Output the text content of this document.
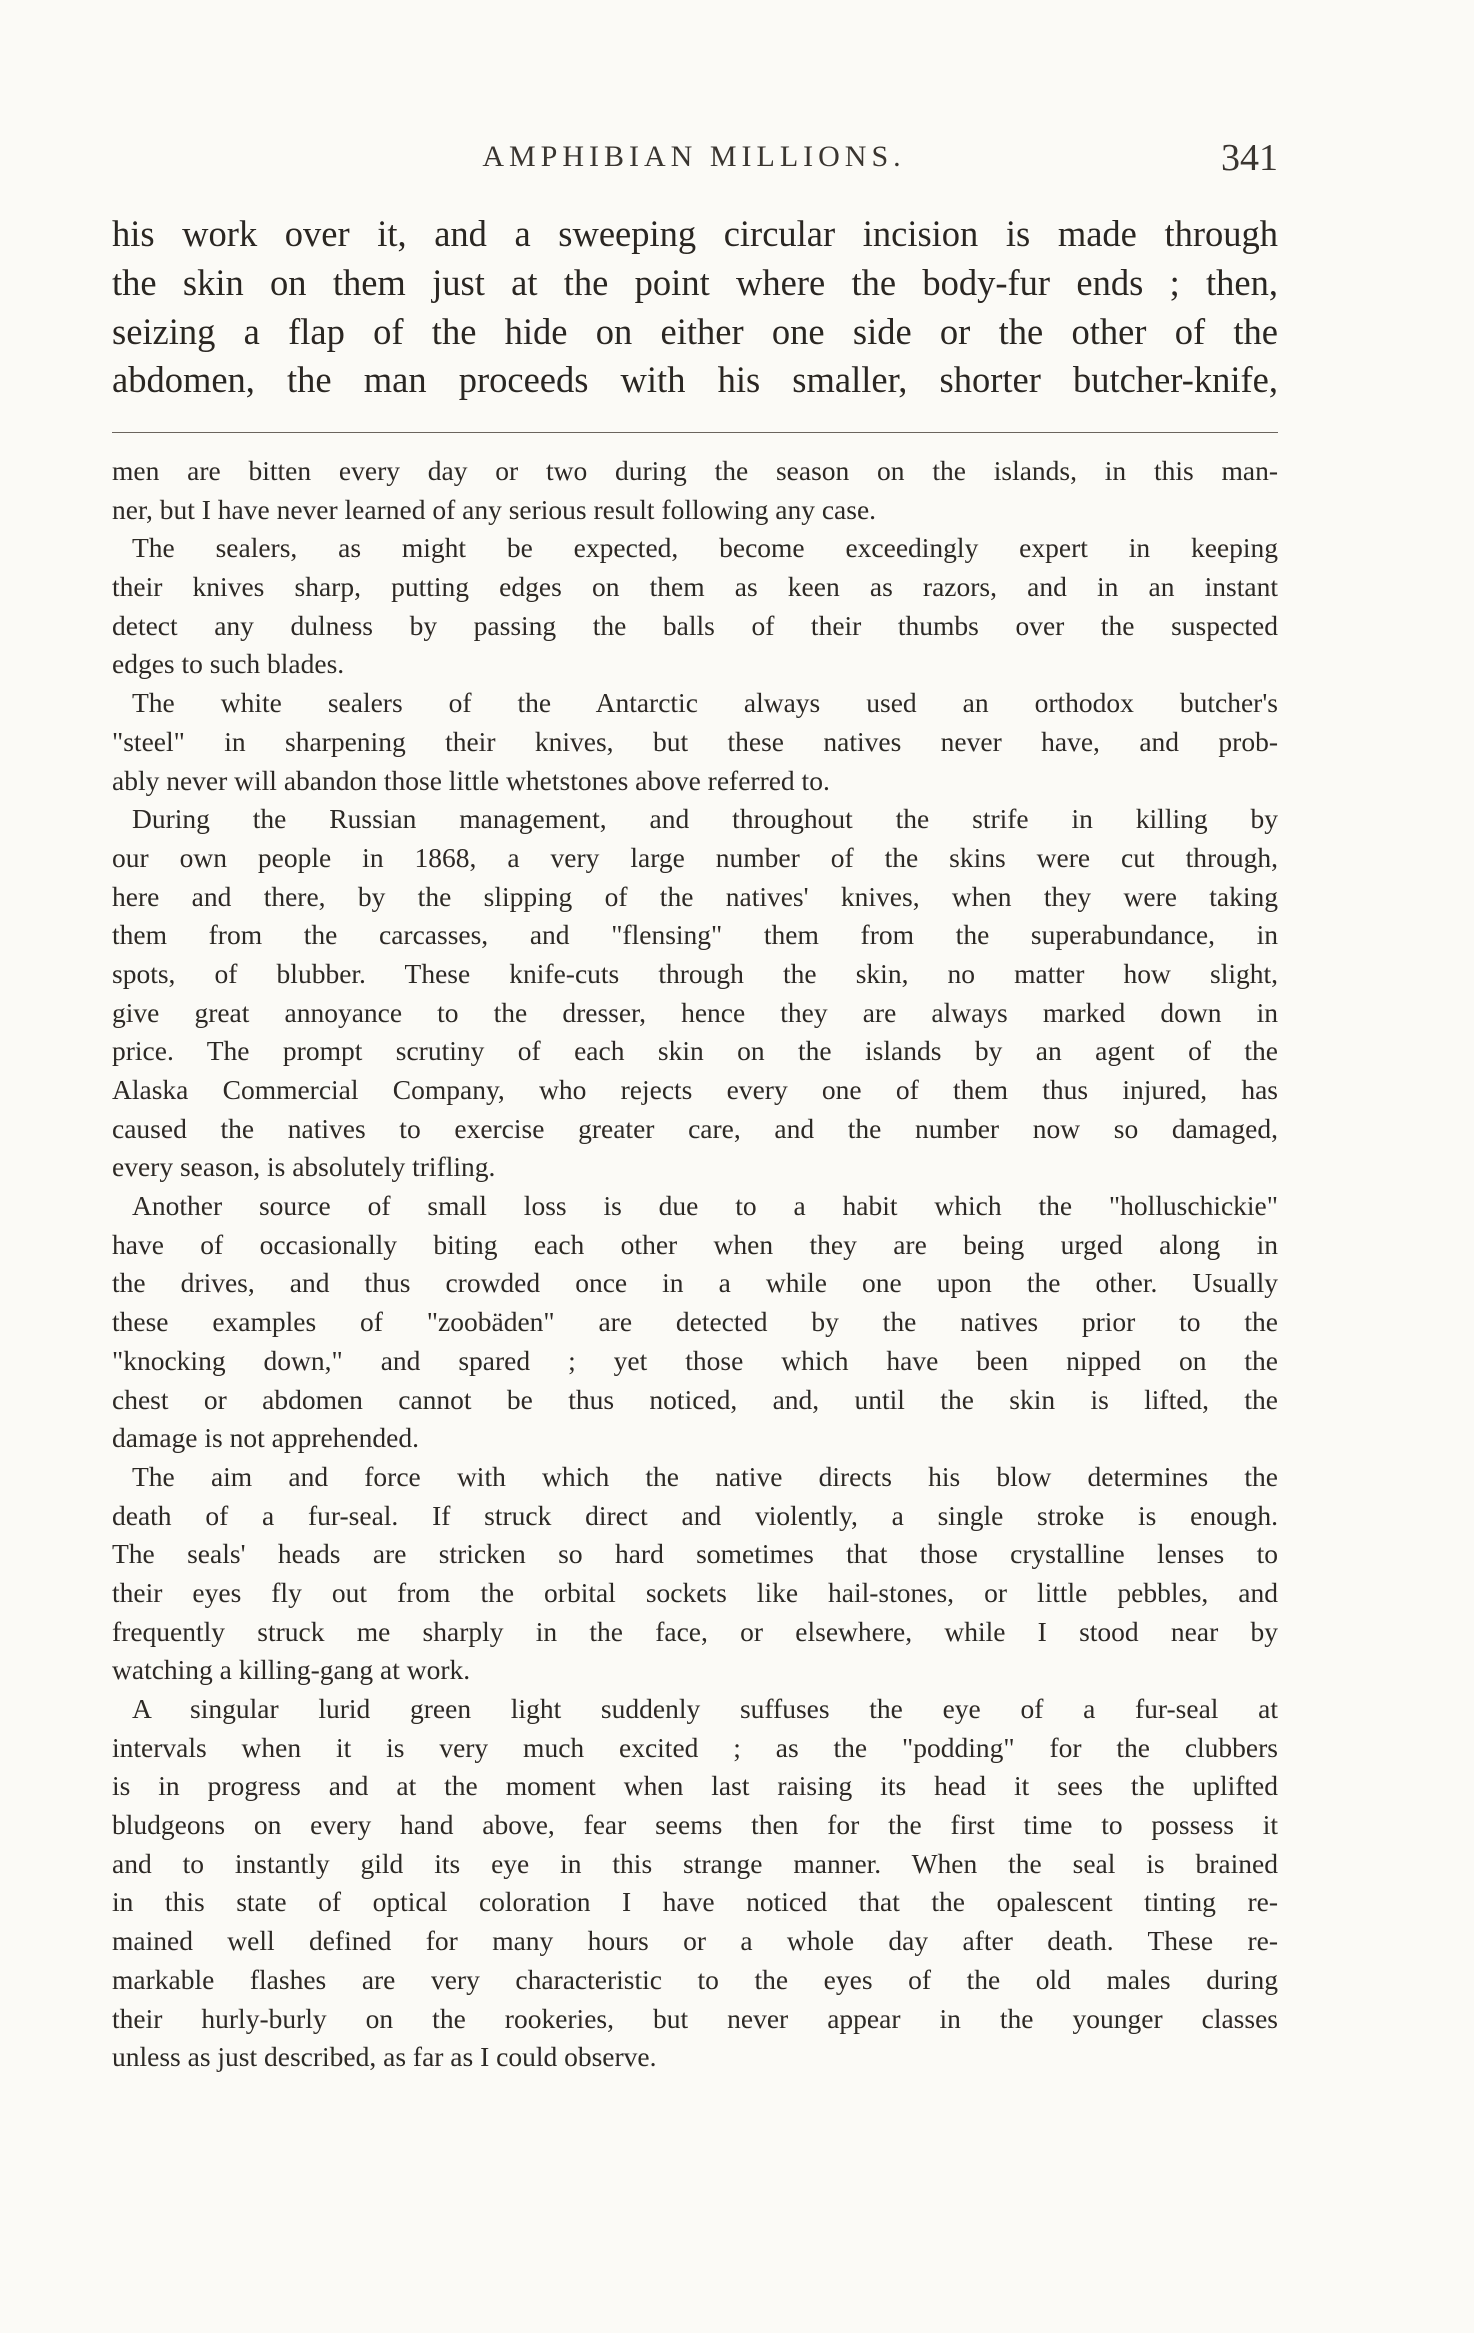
AMPHIBIAN MILLIONS.	341
his work over it, and a sweeping circular incision is made through
the skin on them just at the point where the body-fur ends ; then,
seizing a flap of the hide on either one side or the other of the
abdomen, the man proceeds with his smaller, shorter butcher-knife,
men are bitten every day or two during the season on the islands, in this man-
ner, but I have never learned of any serious result following any case.
The sealers, as might be expected, become exceedingly expert in keeping
their knives sharp, putting edges on them as keen as razors, and in an instant
detect any dulness by passing the balls of their thumbs over the suspected
edges to such blades.
The white sealers of the Antarctic always used an orthodox butcher's
"steel" in sharpening their knives, but these natives never have, and prob-
ably never will abandon those little whetstones above referred to.
During the Russian management, and throughout the strife in killing by
our own people in 1868, a very large number of the skins were cut through,
here and there, by the slipping of the natives' knives, when they were taking
them from the carcasses, and "flensing" them from the superabundance, in
spots, of blubber. These knife-cuts through the skin, no matter how slight,
give great annoyance to the dresser, hence they are always marked down in
price. The prompt scrutiny of each skin on the islands by an agent of the
Alaska Commercial Company, who rejects every one of them thus injured, has
caused the natives to exercise greater care, and the number now so damaged,
every season, is absolutely trifling.
Another source of small loss is due to a habit which the "holluschickie"
have of occasionally biting each other when they are being urged along in
the drives, and thus crowded once in a while one upon the other. Usually
these examples of "zoobäden" are detected by the natives prior to the
"knocking down," and spared ; yet those which have been nipped on the
chest or abdomen cannot be thus noticed, and, until the skin is lifted, the
damage is not apprehended.
The aim and force with which the native directs his blow determines the
death of a fur-seal. If struck direct and violently, a single stroke is enough.
The seals' heads are stricken so hard sometimes that those crystalline lenses to
their eyes fly out from the orbital sockets like hail-stones, or little pebbles, and
frequently struck me sharply in the face, or elsewhere, while I stood near by
watching a killing-gang at work.
A singular lurid green light suddenly suffuses the eye of a fur-seal at
intervals when it is very much excited ; as the "podding" for the clubbers
is in progress and at the moment when last raising its head it sees the uplifted
bludgeons on every hand above, fear seems then for the first time to possess it
and to instantly gild its eye in this strange manner. When the seal is brained
in this state of optical coloration I have noticed that the opalescent tinting re-
mained well defined for many hours or a whole day after death. These re-
markable flashes are very characteristic to the eyes of the old males during
their hurly-burly on the rookeries, but never appear in the younger classes
unless as just described, as far as I could observe.
